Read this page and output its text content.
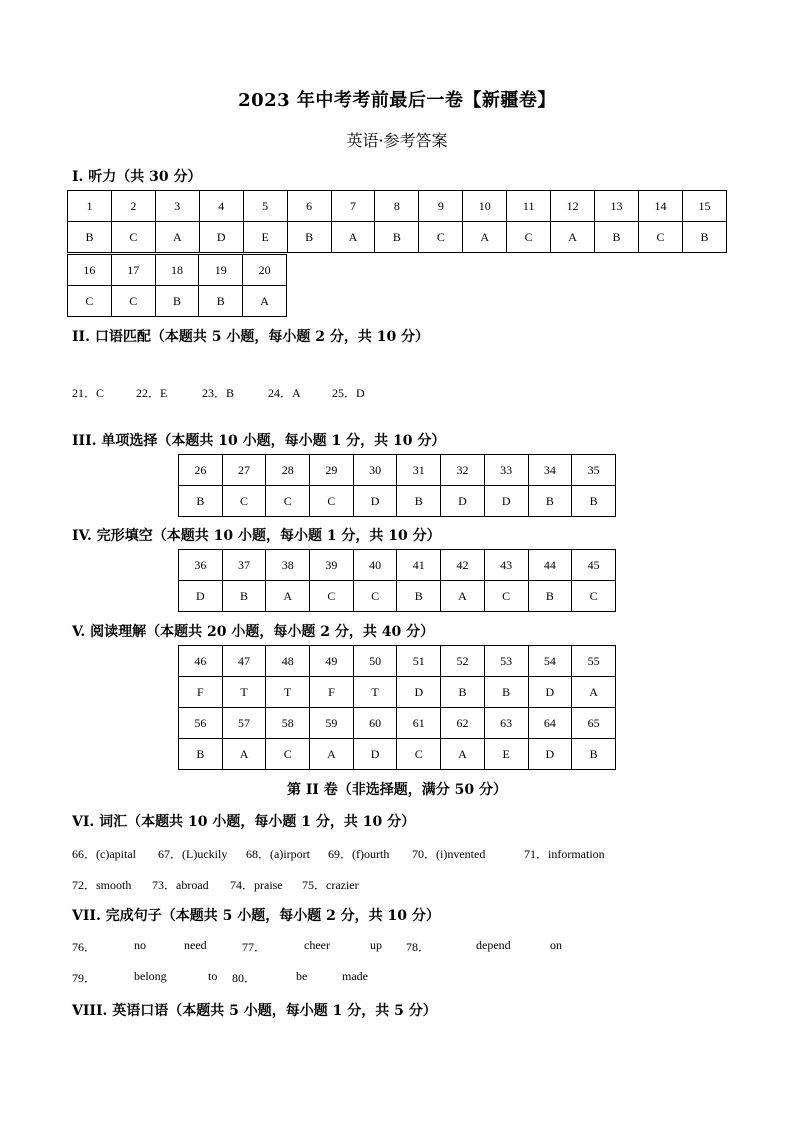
2023 年中考考前最后一卷【新疆卷】
英语·参考答案
I. 听力（共 30 分）
1	2	3	4	5	6	7	8	9	10	11	12	13	14	15
B	C	A	D	E	B	A	B	C	A	C	A	B	C	B
16	17	18	19	20
C	C	B	B	A
II. 口语匹配（本题共 5 小题，每小题 2 分，共 10 分）
21．C	22．E	23．B	24．A	25．D
III. 单项选择（本题共 10 小题，每小题 1 分，共 10 分）
26	27	28	29	30	31	32	33	34	35
B	C	C	C	D	B	D	D	B	B
IV. 完形填空（本题共 10 小题，每小题 1 分，共 10 分）
36	37	38	39	40	41	42	43	44	45
D	B	A	C	C	B	A	C	B	C
V. 阅读理解（本题共 20 小题，每小题 2 分，共 40 分）
46	47	48	49	50	51	52	53	54	55
F	T	T	F	T	D	B	B	D	A
56	57	58	59	60	61	62	63	64	65
B	A	C	A	D	C	A	E	D	B
第 II 卷（非选择题，满分 50 分）
VI. 词汇（本题共 10 小题，每小题 1 分，共 10 分）
66．(c)apital 67．(L)uckily 68．(a)irport 69．(f)ourth 70．(i)nvented	71．information
72．smooth 73．abroad 74．praise 75．crazier
VII. 完成句子（本题共 5 小题，每小题 2 分，共 10 分）
76．	no	need	77．	cheer	up 78．	depend	on
79．	belong	to 80．	be	made
VIII. 英语口语（本题共 5 小题，每小题 1 分，共 5 分）
